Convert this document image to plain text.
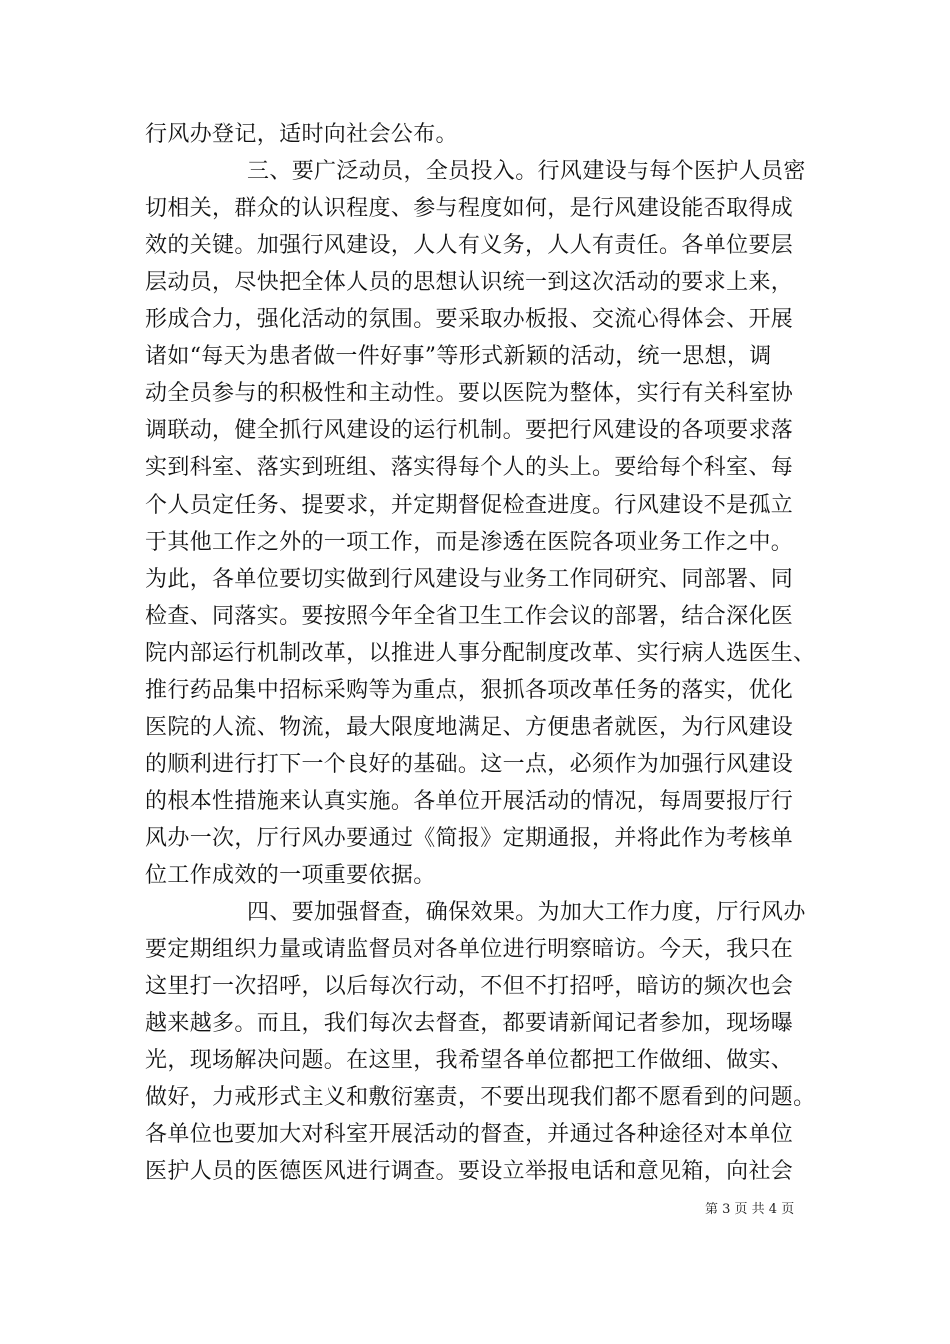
行风办登记，适时向社会公布。
三、要广泛动员，全员投入。行风建设与每个医护人员密
切相关，群众的认识程度、参与程度如何，是行风建设能否取得成
效的关键。加强行风建设，人人有义务，人人有责任。各单位要层
层动员，尽快把全体人员的思想认识统一到这次活动的要求上来，
形成合力，强化活动的氛围。要采取办板报、交流心得体会、开展
诸如“每天为患者做一件好事”等形式新颖的活动，统一思想，调
动全员参与的积极性和主动性。要以医院为整体，实行有关科室协
调联动，健全抓行风建设的运行机制。要把行风建设的各项要求落
实到科室、落实到班组、落实得每个人的头上。要给每个科室、每
个人员定任务、提要求，并定期督促检查进度。行风建设不是孤立
于其他工作之外的一项工作，而是渗透在医院各项业务工作之中。
为此，各单位要切实做到行风建设与业务工作同研究、同部署、同
检查、同落实。要按照今年全省卫生工作会议的部署，结合深化医
院内部运行机制改革，以推进人事分配制度改革、实行病人选医生、
推行药品集中招标采购等为重点，狠抓各项改革任务的落实，优化
医院的人流、物流，最大限度地满足、方便患者就医，为行风建设
的顺利进行打下一个良好的基础。这一点，必须作为加强行风建设
的根本性措施来认真实施。各单位开展活动的情况，每周要报厅行
风办一次，厅行风办要通过《简报》定期通报，并将此作为考核单
位工作成效的一项重要依据。
四、要加强督查，确保效果。为加大工作力度，厅行风办
要定期组织力量或请监督员对各单位进行明察暗访。今天，我只在
这里打一次招呼，以后每次行动，不但不打招呼，暗访的频次也会
越来越多。而且，我们每次去督查，都要请新闻记者参加，现场曝
光，现场解决问题。在这里，我希望各单位都把工作做细、做实、
做好，力戒形式主义和敷衍塞责，不要出现我们都不愿看到的问题。
各单位也要加大对科室开展活动的督查，并通过各种途径对本单位
医护人员的医德医风进行调查。要设立举报电话和意见箱，向社会
第 3 页 共 4 页
